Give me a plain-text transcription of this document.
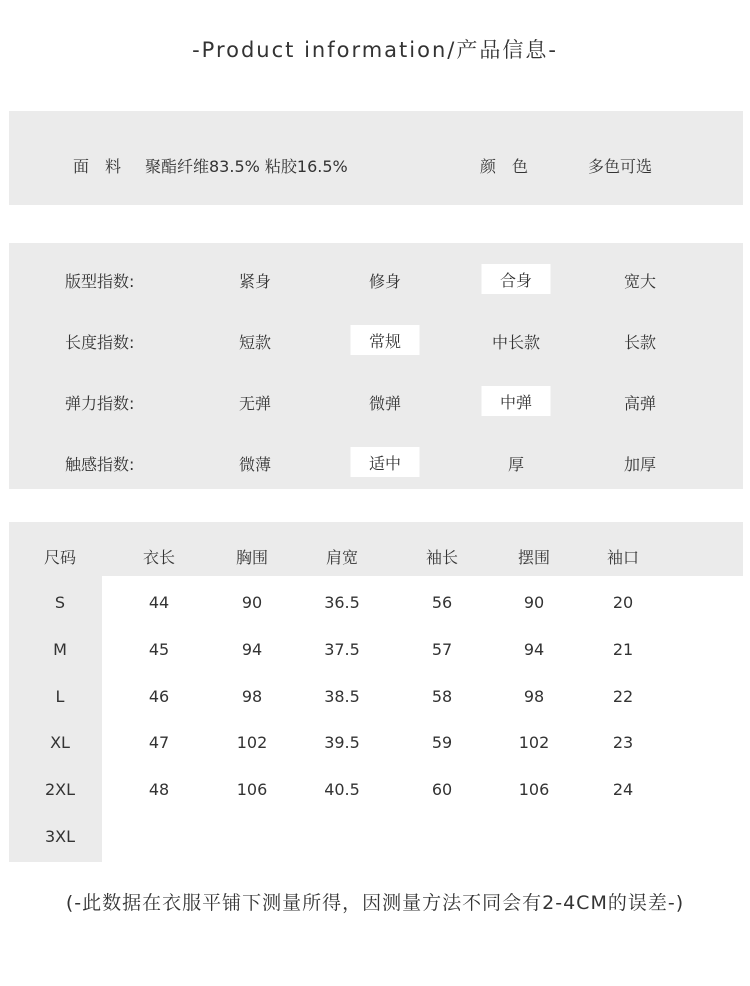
-Product information/产品信息-
面　料 聚酯纤维83.5% 粘胶16.5%	颜　色	多色可选
版型指数:	紧身	修身	合身	宽大
长度指数:	短款	常规	中长款	长款
弹力指数:	无弹	微弹	中弹	高弹
触感指数:	微薄	适中	厚	加厚
尺码	衣长	胸围	肩宽	袖长	摆围	袖口
S	44	90	36.5	56	90	20
M	45	94	37.5	57	94	21
L	46	98	38.5	58	98	22
XL	47	102	39.5	59	102	23
2XL	48	106	40.5	60	106	24
3XL
(-此数据在衣服平铺下测量所得，因测量方法不同会有2-4CM的误差-)
